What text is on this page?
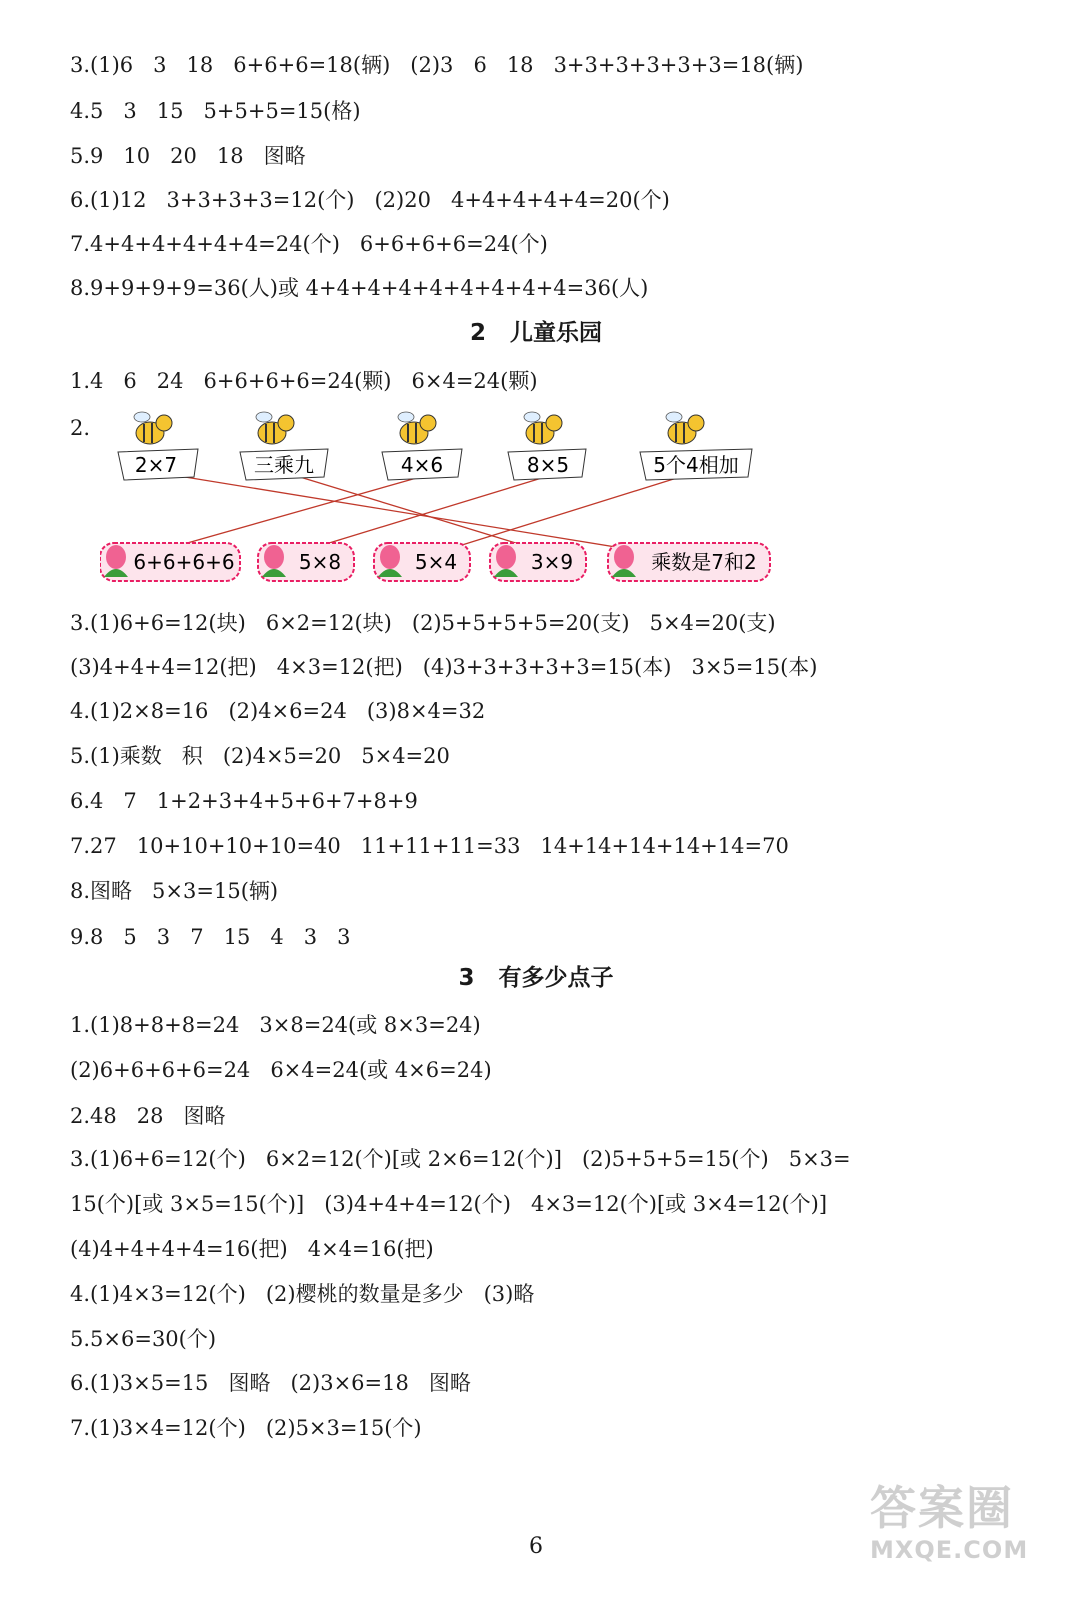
3.(1)6   3   18   6+6+6=18(辆)   (2)3   6   18   3+3+3+3+3+3=18(辆)
4.5   3   15   5+5+5=15(格)
5.9   10   20   18   图略
6.(1)12   3+3+3+3=12(个)   (2)20   4+4+4+4+4=20(个)
7.4+4+4+4+4+4=24(个)   6+6+6+6=24(个)
8.9+9+9+9=36(人)或 4+4+4+4+4+4+4+4+4=36(人)
2   儿童乐园
1.4   6   24   6+6+6+6=24(颗)   6×4=24(颗)
2.
2×7	三乘九	4×6	8×5	5个4相加
6+6+6+6	5×8	5×4	3×9	乘数是7和2
3.(1)6+6=12(块)   6×2=12(块)   (2)5+5+5+5=20(支)   5×4=20(支)
(3)4+4+4=12(把)   4×3=12(把)   (4)3+3+3+3+3=15(本)   3×5=15(本)
4.(1)2×8=16   (2)4×6=24   (3)8×4=32
5.(1)乘数   积   (2)4×5=20   5×4=20
6.4   7   1+2+3+4+5+6+7+8+9
7.27   10+10+10+10=40   11+11+11=33   14+14+14+14+14=70
8.图略   5×3=15(辆)
9.8   5   3   7   15   4   3   3
3   有多少点子
1.(1)8+8+8=24   3×8=24(或 8×3=24)
(2)6+6+6+6=24   6×4=24(或 4×6=24)
2.48   28   图略
3.(1)6+6=12(个)   6×2=12(个)[或 2×6=12(个)]   (2)5+5+5=15(个)   5×3=
15(个)[或 3×5=15(个)]   (3)4+4+4=12(个)   4×3=12(个)[或 3×4=12(个)]
(4)4+4+4+4=16(把)   4×4=16(把)
4.(1)4×3=12(个)   (2)樱桃的数量是多少   (3)略
5.5×6=30(个)
6.(1)3×5=15   图略   (2)3×6=18   图略
7.(1)3×4=12(个)   (2)5×3=15(个)
6
答案圈
MXQE.COM
